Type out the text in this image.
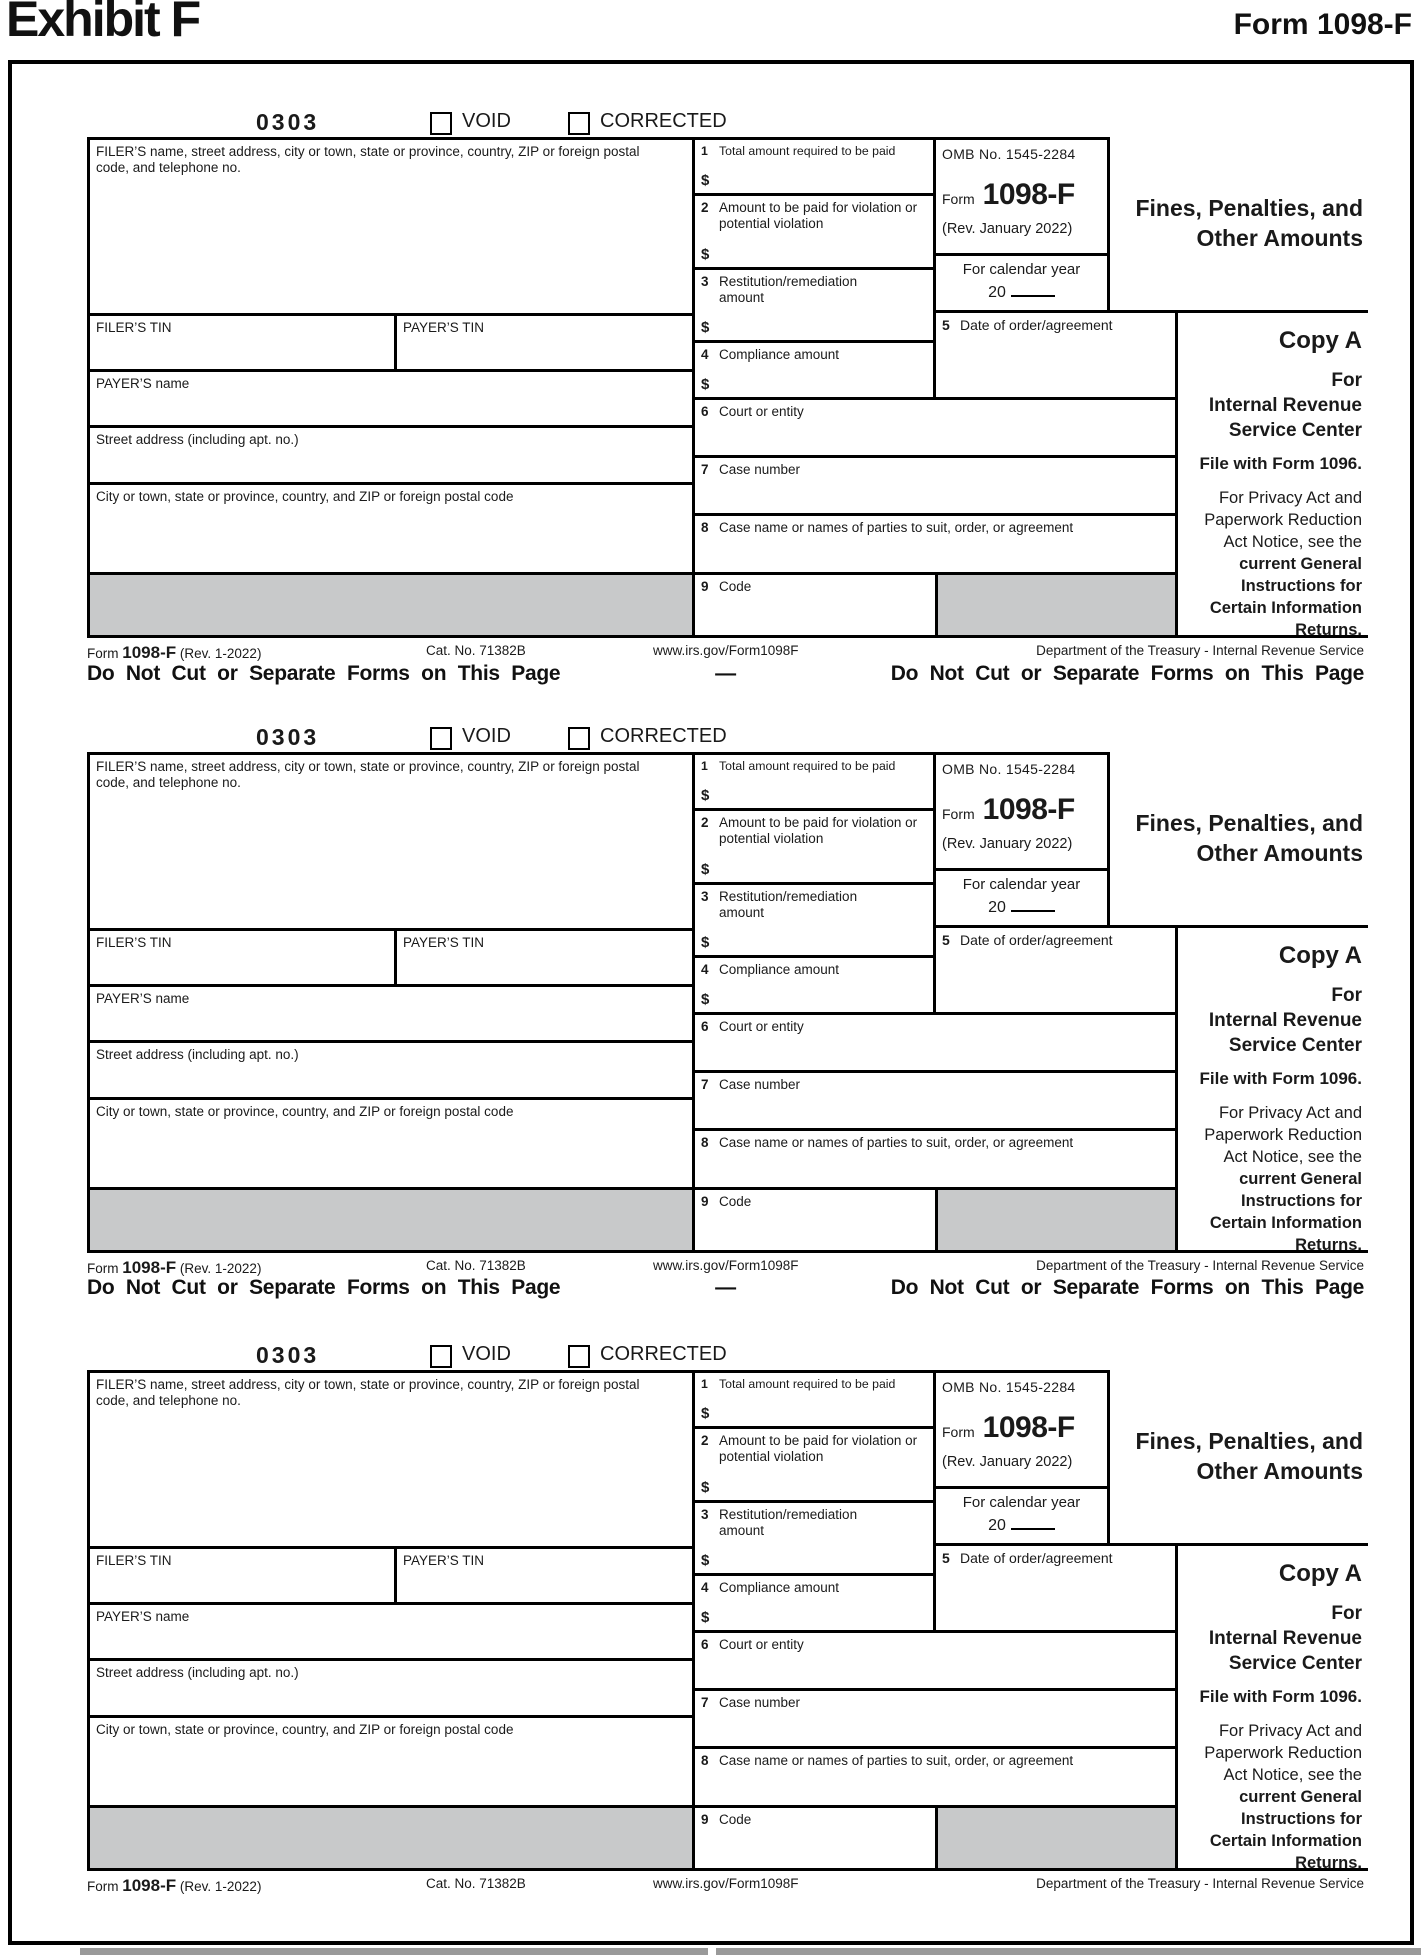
Exhibit F	Form 1098-F
0303	VOID	CORRECTED
FILER’S name, street address, city or town, state or province, country, ZIP or foreign postal code, and telephone no.
FILER’S TIN	PAYER’S TIN
PAYER’S name
Street address (including apt. no.)
City or town, state or province, country, and ZIP or foreign postal code
1 Total amount required to be paid
$
2 Amount to be paid for violation or potential violation
$
3 Restitution/remediation amount
$
4 Compliance amount
$
OMB No. 1545-2284
Form 1098-F
(Rev. January 2022)
For calendar year
20
5 Date of order/agreement
6 Court or entity
7 Case number
8 Case name or names of parties to suit, order, or agreement
9 Code
Fines, Penalties, and
Other Amounts
Copy A
For
Internal Revenue
Service Center
File with Form 1096.
For Privacy Act and Paperwork Reduction Act Notice, see the current General Instructions for Certain Information Returns.
Form 1098-F (Rev. 1-2022)	Cat. No. 71382B	www.irs.gov/Form1098F	Department of the Treasury - Internal Revenue Service
0303	VOID	CORRECTED
FILER’S name, street address, city or town, state or province, country, ZIP or foreign postal code, and telephone no.
FILER’S TIN	PAYER’S TIN
PAYER’S name
Street address (including apt. no.)
City or town, state or province, country, and ZIP or foreign postal code
1 Total amount required to be paid
$
2 Amount to be paid for violation or potential violation
$
3 Restitution/remediation amount
$
4 Compliance amount
$
OMB No. 1545-2284
Form 1098-F
(Rev. January 2022)
For calendar year
20
5 Date of order/agreement
6 Court or entity
7 Case number
8 Case name or names of parties to suit, order, or agreement
9 Code
Fines, Penalties, and
Other Amounts
Copy A
For
Internal Revenue
Service Center
File with Form 1096.
For Privacy Act and Paperwork Reduction Act Notice, see the current General Instructions for Certain Information Returns.
Form 1098-F (Rev. 1-2022)	Cat. No. 71382B	www.irs.gov/Form1098F	Department of the Treasury - Internal Revenue Service
0303	VOID	CORRECTED
FILER’S name, street address, city or town, state or province, country, ZIP or foreign postal code, and telephone no.
FILER’S TIN	PAYER’S TIN
PAYER’S name
Street address (including apt. no.)
City or town, state or province, country, and ZIP or foreign postal code
1 Total amount required to be paid
$
2 Amount to be paid for violation or potential violation
$
3 Restitution/remediation amount
$
4 Compliance amount
$
OMB No. 1545-2284
Form 1098-F
(Rev. January 2022)
For calendar year
20
5 Date of order/agreement
6 Court or entity
7 Case number
8 Case name or names of parties to suit, order, or agreement
9 Code
Fines, Penalties, and
Other Amounts
Copy A
For
Internal Revenue
Service Center
File with Form 1096.
For Privacy Act and Paperwork Reduction Act Notice, see the current General Instructions for Certain Information Returns.
Form 1098-F (Rev. 1-2022)	Cat. No. 71382B	www.irs.gov/Form1098F	Department of the Treasury - Internal Revenue Service
Do Not Cut or Separate Forms on This Page	—	Do Not Cut or Separate Forms on This Page
Do Not Cut or Separate Forms on This Page	—	Do Not Cut or Separate Forms on This Page
